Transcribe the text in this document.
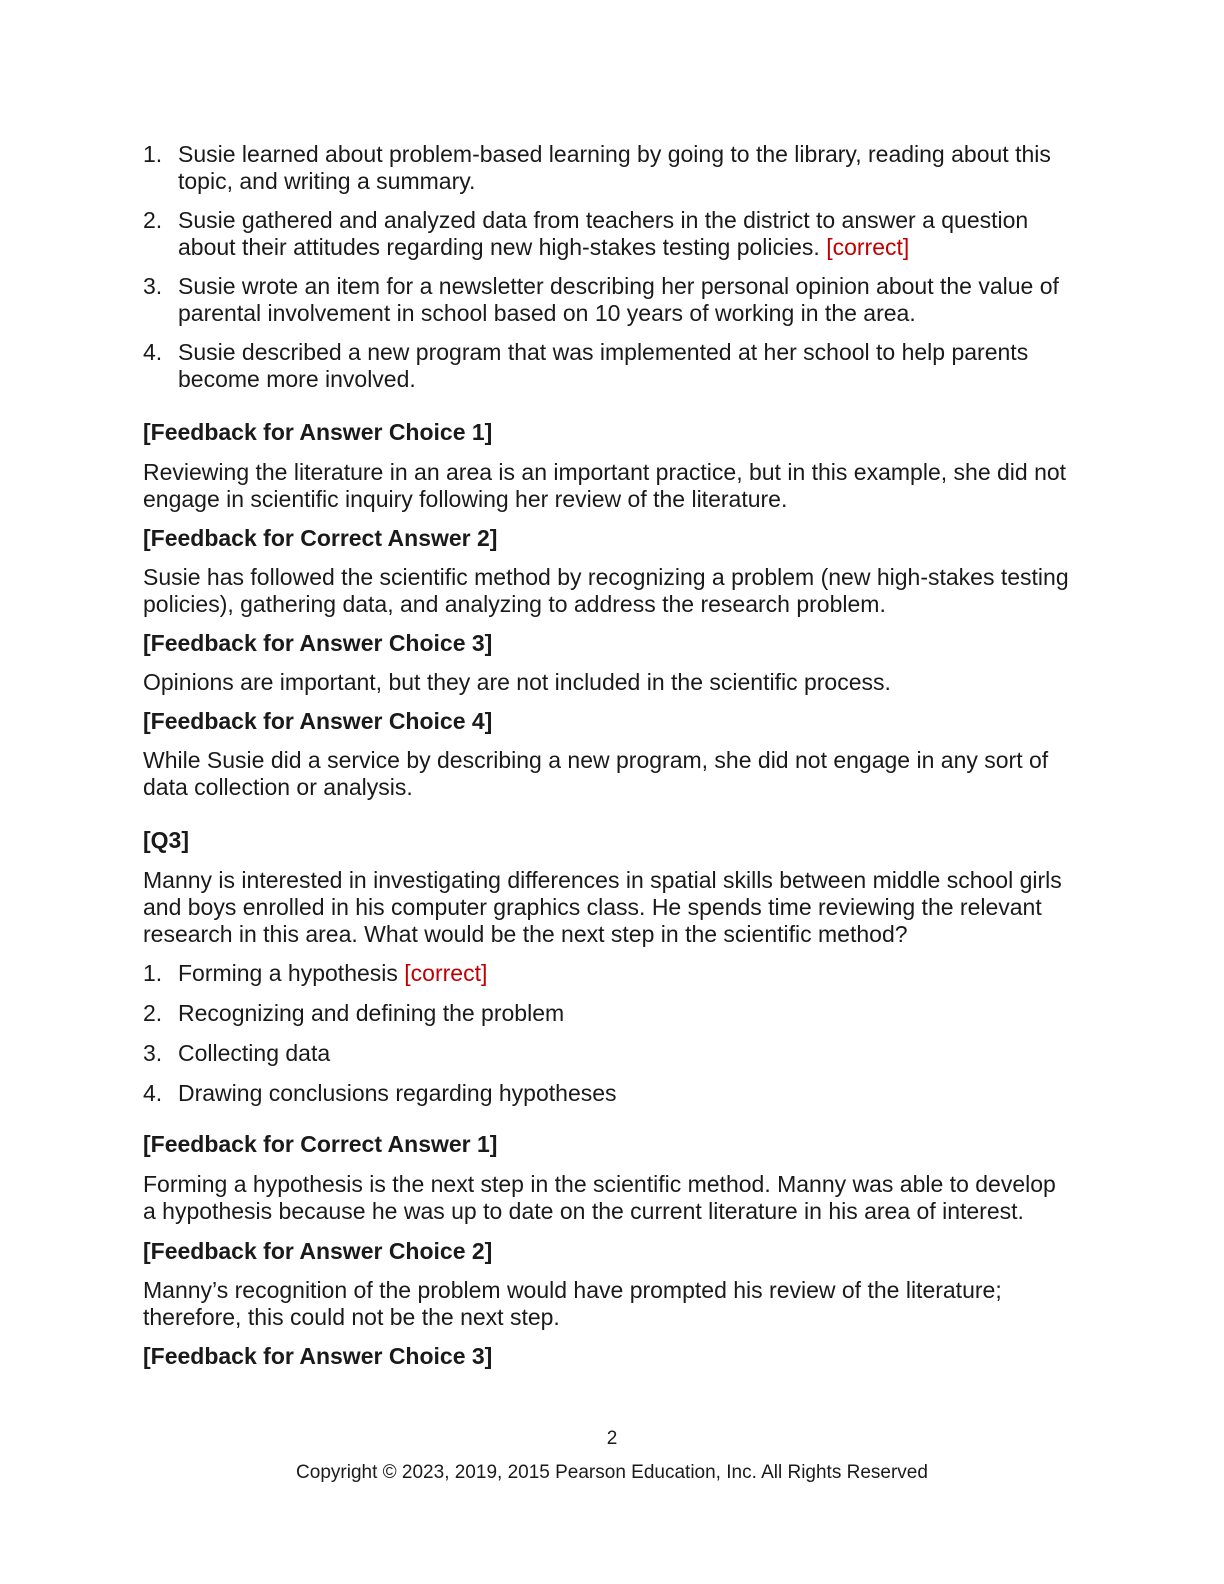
1. Susie learned about problem-based learning by going to the library, reading about this topic, and writing a summary.
2. Susie gathered and analyzed data from teachers in the district to answer a question about their attitudes regarding new high-stakes testing policies. [correct]
3. Susie wrote an item for a newsletter describing her personal opinion about the value of parental involvement in school based on 10 years of working in the area.
4. Susie described a new program that was implemented at her school to help parents become more involved.

[Feedback for Answer Choice 1]

Reviewing the literature in an area is an important practice, but in this example, she did not engage in scientific inquiry following her review of the literature.

[Feedback for Correct Answer 2]

Susie has followed the scientific method by recognizing a problem (new high-stakes testing policies), gathering data, and analyzing to address the research problem.

[Feedback for Answer Choice 3]

Opinions are important, but they are not included in the scientific process.

[Feedback for Answer Choice 4]

While Susie did a service by describing a new program, she did not engage in any sort of data collection or analysis.

[Q3]

Manny is interested in investigating differences in spatial skills between middle school girls and boys enrolled in his computer graphics class. He spends time reviewing the relevant research in this area. What would be the next step in the scientific method?

1. Forming a hypothesis [correct]
2. Recognizing and defining the problem
3. Collecting data
4. Drawing conclusions regarding hypotheses

[Feedback for Correct Answer 1]

Forming a hypothesis is the next step in the scientific method. Manny was able to develop a hypothesis because he was up to date on the current literature in his area of interest.

[Feedback for Answer Choice 2]

Manny’s recognition of the problem would have prompted his review of the literature; therefore, this could not be the next step.

[Feedback for Answer Choice 3]

2
Copyright © 2023, 2019, 2015 Pearson Education, Inc. All Rights Reserved
